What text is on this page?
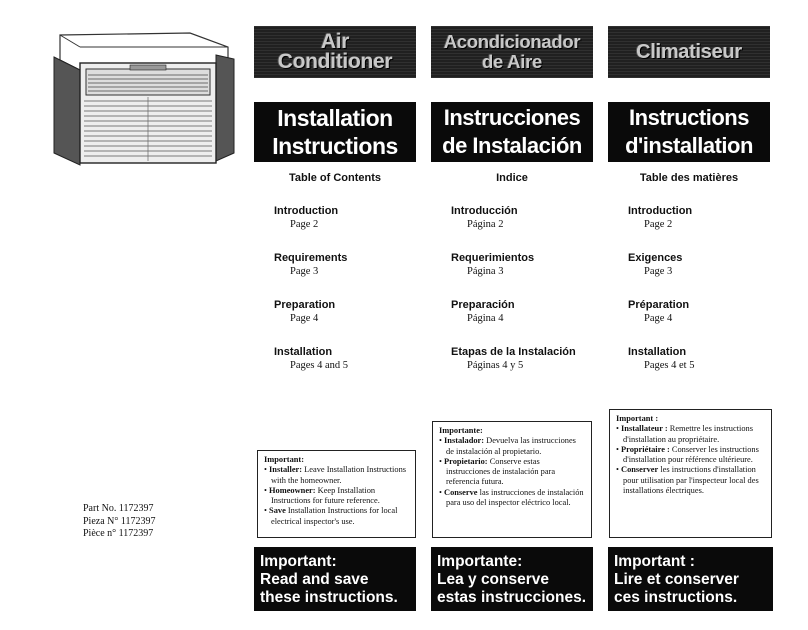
Air
Conditioner
Installation
Instructions
Table of Contents
Introduction
Page 2
Requirements
Page 3
Preparation
Page 4
Installation
Pages 4 and 5
Acondicionador
de Aire
Instrucciones
de Instalación
Indice
Introducción
Página 2
Requerimientos
Página 3
Preparación
Página 4
Etapas de la Instalación
Páginas 4 y 5
Climatiseur
Instructions
d'installation
Table des matières
Introduction
Page 2
Exigences
Page 3
Préparation
Page 4
Installation
Pages 4 et 5
Important:
• Installer: Leave Installation Instructions with the homeowner.
• Homeowner: Keep Installation Instructions for future reference.
• Save Installation Instructions for local electrical inspector's use.
Importante:
• Instalador: Devuelva las instrucciones de instalación al propietario.
• Propietario: Conserve estas instrucciones de instalación para referencia futura.
• Conserve las instrucciones de instalación para uso del inspector eléctrico local.
Important :
• Installateur : Remettre les instructions d'installation au propriétaire.
• Propriétaire : Conserver les instructions d'installation pour référence ultérieure.
• Conserver les instructions d'installation pour utilisation par l'inspecteur local des installations électriques.
Important:
Read and save
these instructions.
Importante:
Lea y conserve
estas instrucciones.
Important :
Lire et conserver
ces instructions.
Part No. 1172397
Pieza N° 1172397
Pièce n° 1172397
